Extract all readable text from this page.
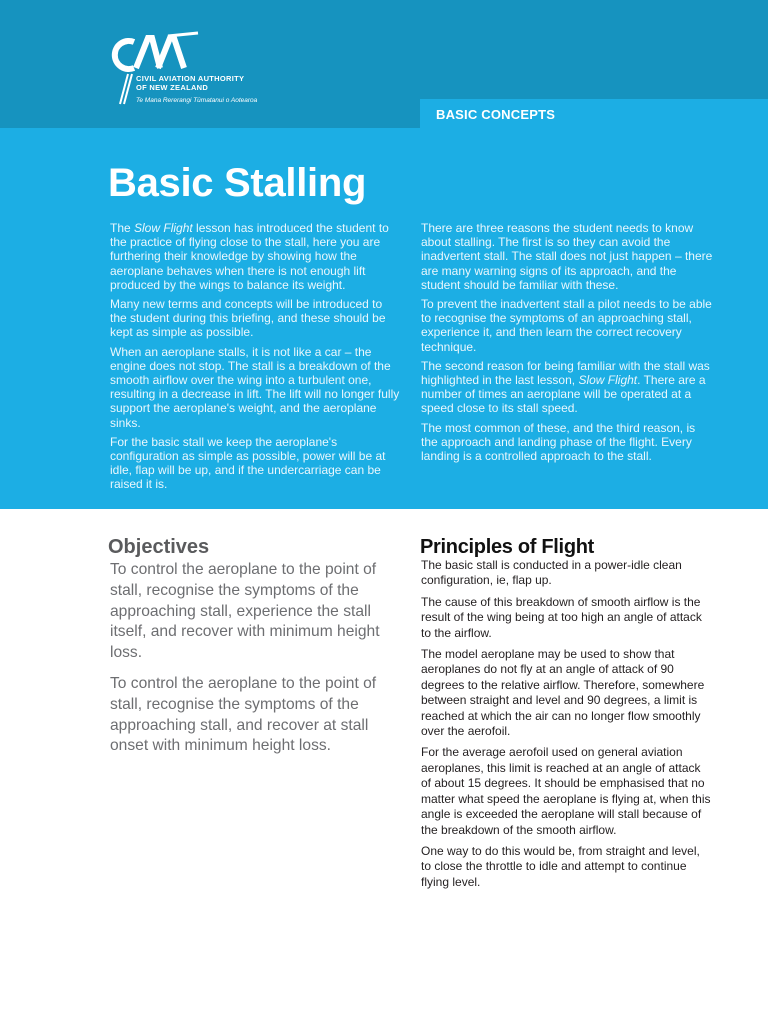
CIVIL AVIATION AUTHORITY
OF NEW ZEALAND
Te Mana Rererangi Tūmatanui o Aotearoa
BASIC CONCEPTS
Basic Stalling

The Slow Flight lesson has introduced the student to the practice of flying close to the stall, here you are furthering their knowledge by showing how the aeroplane behaves when there is not enough lift produced by the wings to balance its weight.

Many new terms and concepts will be introduced to the student during this briefing, and these should be kept as simple as possible.

When an aeroplane stalls, it is not like a car – the engine does not stop. The stall is a breakdown of the smooth airflow over the wing into a turbulent one, resulting in a decrease in lift. The lift will no longer fully support the aeroplane's weight, and the aeroplane sinks.

For the basic stall we keep the aeroplane's configuration as simple as possible, power will be at idle, flap will be up, and if the undercarriage can be raised it is.

There are three reasons the student needs to know about stalling. The first is so they can avoid the inadvertent stall. The stall does not just happen – there are many warning signs of its approach, and the student should be familiar with these.

To prevent the inadvertent stall a pilot needs to be able to recognise the symptoms of an approaching stall, experience it, and then learn the correct recovery technique.

The second reason for being familiar with the stall was highlighted in the last lesson, Slow Flight. There are a number of times an aeroplane will be operated at a speed close to its stall speed.

The most common of these, and the third reason, is the approach and landing phase of the flight. Every landing is a controlled approach to the stall.

Objectives

To control the aeroplane to the point of stall, recognise the symptoms of the approaching stall, experience the stall itself, and recover with minimum height loss.

To control the aeroplane to the point of stall, recognise the symptoms of the approaching stall, and recover at stall onset with minimum height loss.

Principles of Flight

The basic stall is conducted in a power-idle clean configuration, ie, flap up.

The cause of this breakdown of smooth airflow is the result of the wing being at too high an angle of attack to the airflow.

The model aeroplane may be used to show that aeroplanes do not fly at an angle of attack of 90 degrees to the relative airflow. Therefore, somewhere between straight and level and 90 degrees, a limit is reached at which the air can no longer flow smoothly over the aerofoil.

For the average aerofoil used on general aviation aeroplanes, this limit is reached at an angle of attack of about 15 degrees. It should be emphasised that no matter what speed the aeroplane is flying at, when this angle is exceeded the aeroplane will stall because of the breakdown of the smooth airflow.

One way to do this would be, from straight and level, to close the throttle to idle and attempt to continue flying level.
